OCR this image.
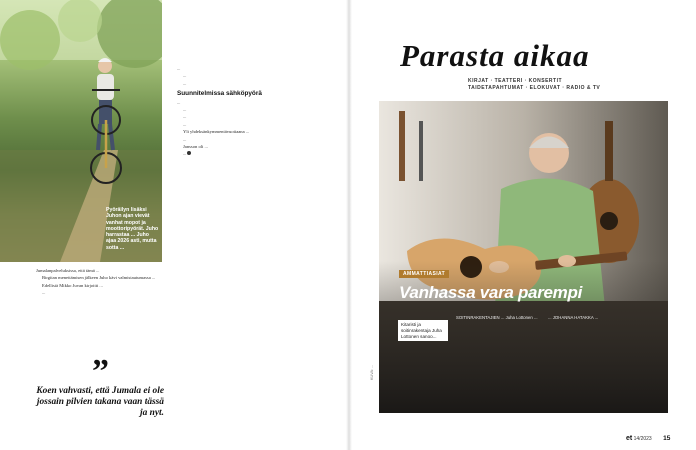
Pyöräilyn lisäksi Juhon ajan vievät vanhat mopot ja moottoripyörät. Juho harrastaa ... Juho ajaa 2026 asti, mutta sotta ...

Jumalanpalveluksissa, että tämä ...

Birgitan menettämisen jälkeen Juho kävi valmistautumassa ...

Edellisiä Mikko Juvan kirjoitti ...

...

”
Koen vahvasti, että Jumala ei ole jossain pilvien takana vaan tässä ja nyt.

...

...

...

Suunnitelmissa sähköpyörä

...

...

...

...

Yli yhdeksänkymmentävuotiaana ...

...

Jansson oli ...

...

Parasta aikaa
KIRJAT · TEATTERI · KONSERTIT
TAIDETAPAHTUMAT · ELOKUVAT · RADIO & TV
AMMATTIASIAT
Vanhassa vara parempi
Kitaristi ja soitinrakentaja Juha Lottonen sanoo...
SOITINRAKENTAJIEN ... Juha Lottonen ...	... JOHANNA HATAKKA ...
KUVA: ...
et 14/2023 15
